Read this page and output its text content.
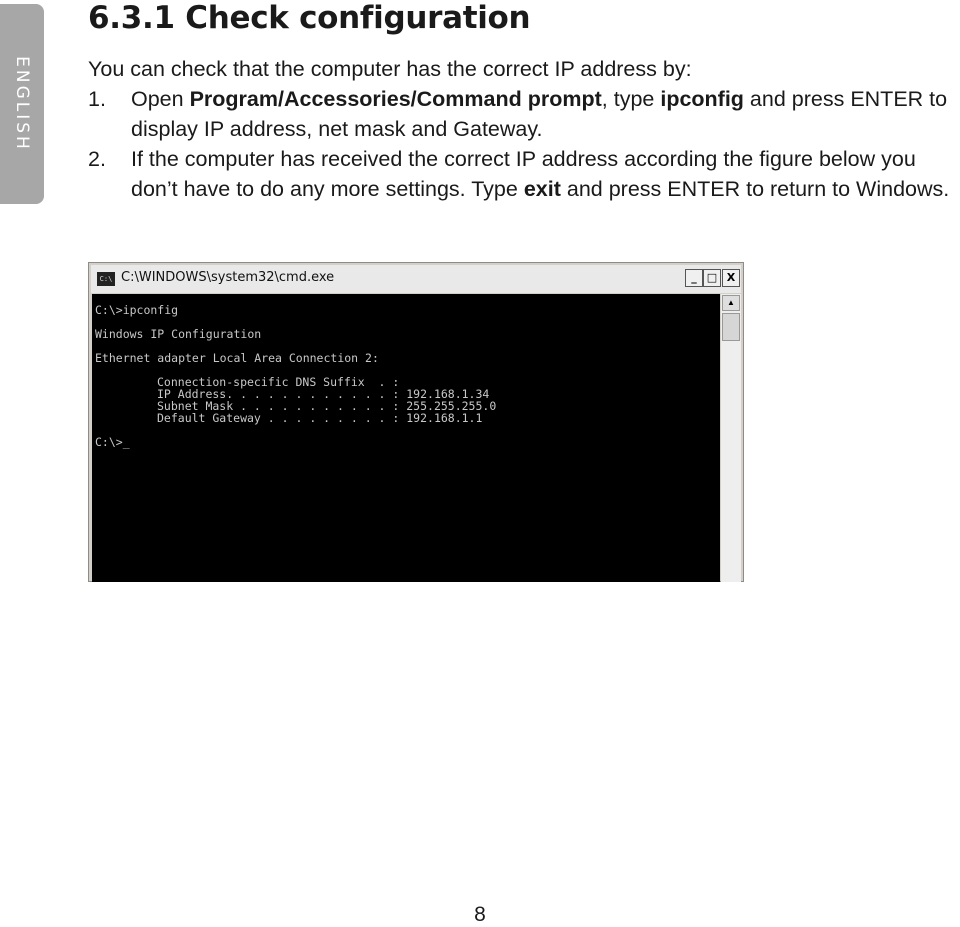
ENGLISH
6.3.1 Check configuration

You can check that the computer has the correct IP address by:

1. Open Program/Accessories/Command prompt, type ipconfig and press ENTER to display IP address, net mask and Gateway.
2. If the computer has received the correct IP address according the figure below you don’t have to do any more settings. Type exit and press ENTER to return to Windows.
C:\ C:\WINDOWS\system32\cmd.exe	_ □ X
C:\>ipconfig
Windows IP Configuration
Ethernet adapter Local Area Connection 2:
Connection-specific DNS Suffix  . :
IP Address. . . . . . . . . . . . : 192.168.1.34
Subnet Mask . . . . . . . . . . . : 255.255.255.0
Default Gateway . . . . . . . . . : 192.168.1.1
C:\>_
▲
8
